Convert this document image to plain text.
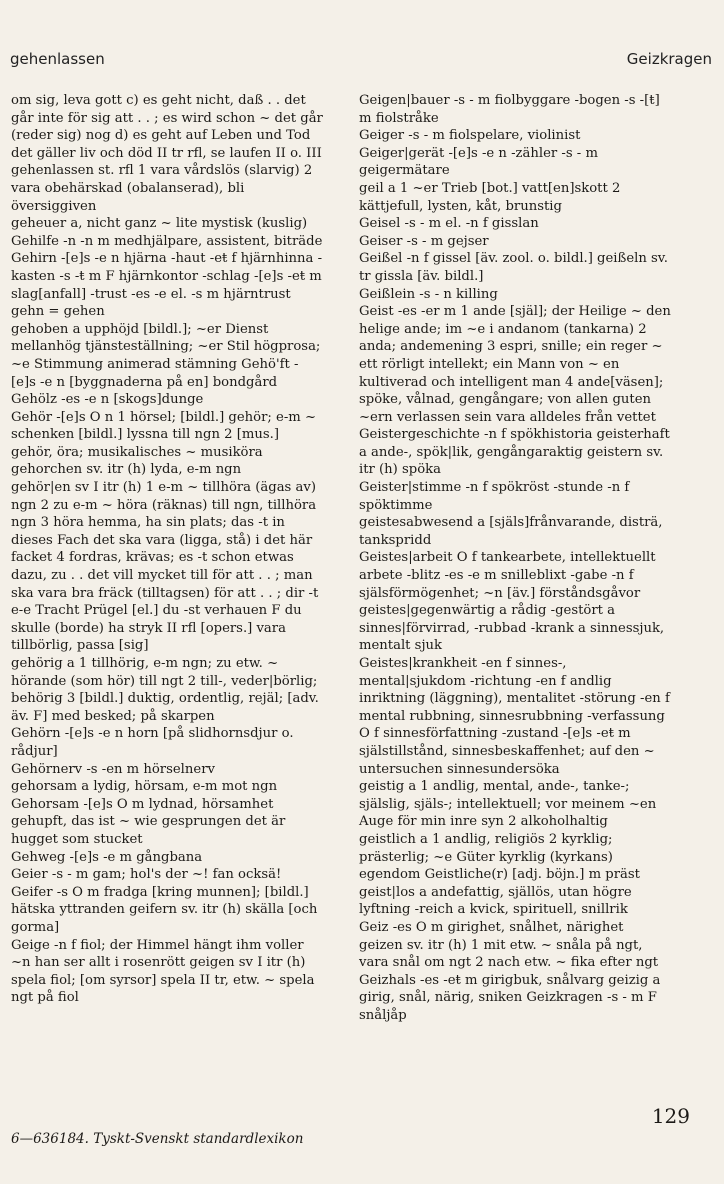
gehenlassen	Geizkragen

om sig, leva gott c) es geht nicht, daß . . det går inte för sig att . . ; es wird schon ~ det går (reder sig) nog d) es geht auf Leben und Tod det gäller liv och död II tr rfl, se laufen II o. III

gehenlassen st. rfl 1 vara vårdslös (slarvig) 2 vara obehärskad (obalanserad), bli översiggiven

geheuer a, nicht ganz ~ lite mystisk (kuslig) Gehilfe -n -n m medhjälpare, assistent, biträde

Gehirn -[e]s -e n hjärna -haut -eŧ f hjärnhinna -kasten -s -ŧ m F hjärnkontor -schlag -[e]s -eŧ m slag[anfall] -trust -es -e el. -s m hjärntrust

gehn = gehen

gehoben a upphöjd [bildl.]; ~er Dienst mellanhög tjänsteställning; ~er Stil högprosa; ~e Stimmung animerad stämning Gehö'ft -[e]s -e n [byggnaderna på en] bondgård Gehölz -es -e n [skogs]dunge

Gehör -[e]s O n 1 hörsel; [bildl.] gehör; e-m ~ schenken [bildl.] lyssna till ngn 2 [mus.] gehör, öra; musikalisches ~ musiköra

gehorchen sv. itr (h) lyda, e-m ngn

gehör|en sv I itr (h) 1 e-m ~ tillhöra (ägas av) ngn 2 zu e-m ~ höra (räknas) till ngn, tillhöra ngn 3 höra hemma, ha sin plats; das -t in dieses Fach det ska vara (ligga, stå) i det här facket 4 fordras, krävas; es -t schon etwas dazu, zu . . det vill mycket till för att . . ; man ska vara bra fräck (tilltagsen) för att . . ; dir -t e-e Tracht Prügel [el.] du -st verhauen F du skulle (borde) ha stryk II rfl [opers.] vara tillbörlig, passa [sig]

gehörig a 1 tillhörig, e-m ngn; zu etw. ~ hörande (som hör) till ngt 2 till-, veder|börlig; behörig 3 [bildl.] duktig, ordentlig, rejäl; [adv. äv. F] med besked; på skarpen

Gehörn -[e]s -e n horn [på slidhornsdjur o. rådjur]

Gehörnerv -s -en m hörselnerv

gehorsam a lydig, hörsam, e-m mot ngn Gehorsam -[e]s O m lydnad, hörsamhet

gehupft, das ist ~ wie gesprungen det är hugget som stucket

Gehweg -[e]s -e m gångbana

Geier -s - m gam; hol's der ~! fan ocksä!

Geifer -s O m fradga [kring munnen]; [bildl.] hätska yttranden geifern sv. itr (h) skälla [och gorma]

Geige -n f fiol; der Himmel hängt ihm voller ~n han ser allt i rosenrött geigen sv I itr (h) spela fiol; [om syrsor] spela II tr, etw. ~ spela ngt på fiol

Geigen|bauer -s - m fiolbyggare -bogen -s -[ŧ] m fiolstråke

Geiger -s - m fiolspelare, violinist

Geiger|gerät -[e]s -e n -zähler -s - m geigermätare

geil a 1 ~er Trieb [bot.] vatt[en]skott 2 kättjefull, lysten, kåt, brunstig

Geisel -s - m el. -n f gisslan

Geiser -s - m gejser

Geißel -n f gissel [äv. zool. o. bildl.] geißeln sv. tr gissla [äv. bildl.]

Geißlein -s - n killing

Geist -es -er m 1 ande [själ]; der Heilige ~ den helige ande; im ~e i andanom (tankarna) 2 anda; andemening 3 espri, snille; ein reger ~ ett rörligt intellekt; ein Mann von ~ en kultiverad och intelligent man 4 ande[väsen]; spöke, vålnad, gengångare; von allen guten ~ern verlassen sein vara alldeles från vettet

Geistergeschichte -n f spökhistoria geisterhaft a ande-, spök|lik, gengångaraktig geistern sv. itr (h) spöka

Geister|stimme -n f spökröst -stunde -n f spöktimme

geistesabwesend a [själs]frånvarande, disträ, tankspridd

Geistes|arbeit O f tankearbete, intellektuellt arbete -blitz -es -e m snilleblixt -gabe -n f själsförmögenhet; ~n [äv.] förståndsgåvor

geistes|gegenwärtig a rådig -gestört a sinnes|förvirrad, -rubbad -krank a sinnessjuk, mentalt sjuk

Geistes|krankheit -en f sinnes-, mental|sjukdom -richtung -en f andlig inriktning (läggning), mentalitet -störung -en f mental rubbning, sinnesrubbning -verfassung O f sinnesförfattning -zustand -[e]s -eŧ m själstillstånd, sinnesbeskaffenhet; auf den ~ untersuchen sinnesundersöka

geistig a 1 andlig, mental, ande-, tanke-; själslig, själs-; intellektuell; vor meinem ~en Auge för min inre syn 2 alkoholhaltig

geistlich a 1 andlig, religiös 2 kyrklig; prästerlig; ~e Güter kyrklig (kyrkans) egendom Geistliche(r) [adj. böjn.] m präst

geist|los a andefattig, själlös, utan högre lyftning -reich a kvick, spirituell, snillrik

Geiz -es O m girighet, snålhet, närighet geizen sv. itr (h) 1 mit etw. ~ snåla på ngt, vara snål om ngt 2 nach etw. ~ fika efter ngt Geizhals -es -eŧ m girigbuk, snålvarg geizig a girig, snål, närig, sniken Geizkragen -s - m F snåljåp

129
6—636184. Tyskt-Svenskt standardlexikon
